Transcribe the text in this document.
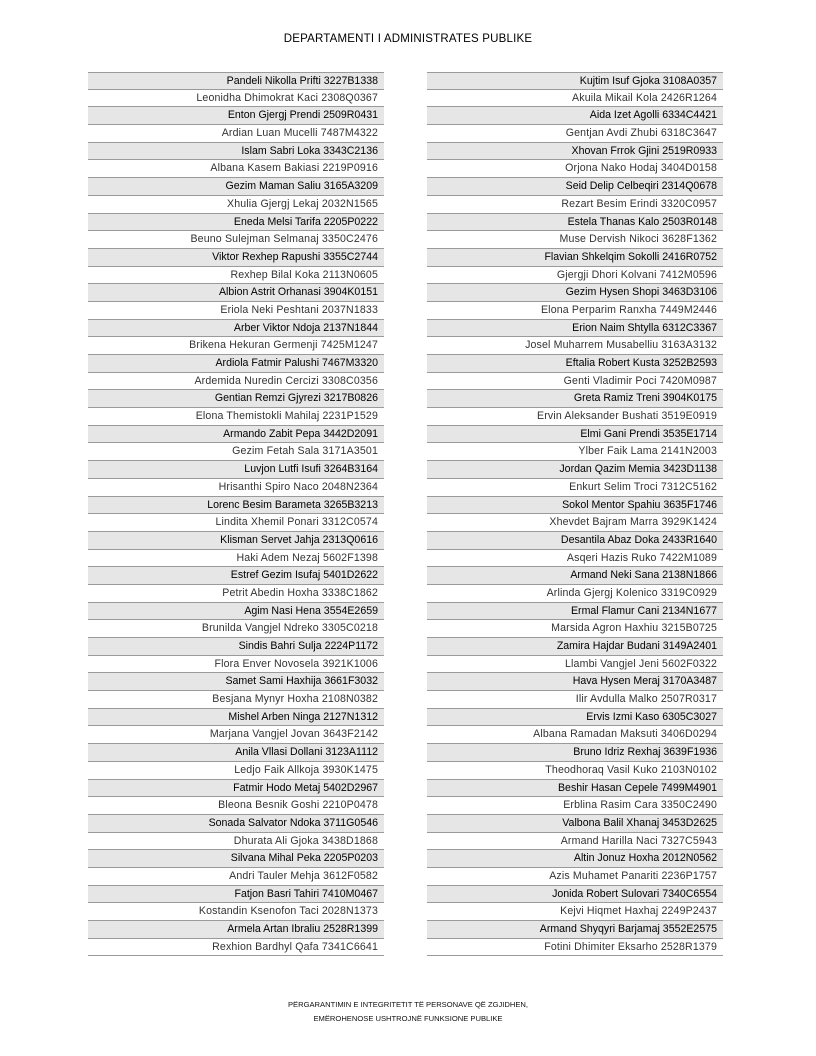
DEPARTAMENTI I ADMINISTRATES PUBLIKE
Pandeli Nikolla Prifti 3227B1338
Leonidha Dhimokrat Kaci 2308Q0367
Enton Gjergj Prendi 2509R0431
Ardian Luan Mucelli 7487M4322
Islam Sabri Loka 3343C2136
Albana Kasem Bakiasi 2219P0916
Gezim Maman Saliu 3165A3209
Xhulia Gjergj Lekaj 2032N1565
Eneda Melsi Tarifa 2205P0222
Beuno Sulejman Selmanaj 3350C2476
Viktor Rexhep Rapushi 3355C2744
Rexhep Bilal Koka 2113N0605
Albion Astrit Orhanasi 3904K0151
Eriola Neki Peshtani 2037N1833
Arber Viktor Ndoja 2137N1844
Brikena Hekuran Germenji 7425M1247
Ardiola Fatmir Palushi 7467M3320
Ardemida Nuredin Cercizi 3308C0356
Gentian Remzi Gjyrezi 3217B0826
Elona Themistokli Mahilaj 2231P1529
Armando Zabit Pepa 3442D2091
Gezim Fetah Sala 3171A3501
Luvjon Lutfi Isufi 3264B3164
Hrisanthi Spiro Naco 2048N2364
Lorenc Besim Barameta 3265B3213
Lindita Xhemil Ponari 3312C0574
Klisman Servet Jahja 2313Q0616
Haki Adem Nezaj 5602F1398
Estref Gezim Isufaj 5401D2622
Petrit Abedin Hoxha 3338C1862
Agim Nasi Hena 3554E2659
Brunilda Vangjel Ndreko 3305C0218
Sindis Bahri Sulja 2224P1172
Flora Enver Novosela 3921K1006
Samet Sami Haxhija 3661F3032
Besjana Mynyr Hoxha 2108N0382
Mishel Arben Ninga 2127N1312
Marjana Vangjel Jovan 3643F2142
Anila Vllasi Dollani 3123A1112
Ledjo Faik Allkoja 3930K1475
Fatmir Hodo Metaj 5402D2967
Bleona Besnik Goshi 2210P0478
Sonada Salvator Ndoka 3711G0546
Dhurata Ali Gjoka 3438D1868
Silvana Mihal Peka 2205P0203
Andri Tauler Mehja 3612F0582
Fatjon Basri Tahiri 7410M0467
Kostandin Ksenofon Taci 2028N1373
Armela Artan Ibraliu 2528R1399
Rexhion Bardhyl Qafa 7341C6641
Kujtim Isuf Gjoka 3108A0357
Akuila Mikail Kola 2426R1264
Aida Izet Agolli 6334C4421
Gentjan Avdi Zhubi 6318C3647
Xhovan Frrok Gjini 2519R0933
Orjona Nako Hodaj 3404D0158
Seid Delip Celbeqiri 2314Q0678
Rezart Besim Erindi 3320C0957
Estela Thanas Kalo 2503R0148
Muse Dervish Nikoci 3628F1362
Flavian Shkelqim Sokolli 2416R0752
Gjergji Dhori Kolvani 7412M0596
Gezim Hysen Shopi 3463D3106
Elona Perparim Ranxha 7449M2446
Erion Naim Shtylla 6312C3367
Josel Muharrem Musabelliu 3163A3132
Eftalia Robert Kusta 3252B2593
Genti Vladimir Poci 7420M0987
Greta Ramiz Treni 3904K0175
Ervin Aleksander Bushati 3519E0919
Elmi Gani Prendi 3535E1714
Ylber Faik Lama 2141N2003
Jordan Qazim Memia 3423D1138
Enkurt Selim Troci 7312C5162
Sokol Mentor Spahiu 3635F1746
Xhevdet Bajram Marra 3929K1424
Desantila Abaz Doka 2433R1640
Asqeri Hazis Ruko 7422M1089
Armand Neki Sana 2138N1866
Arlinda Gjergj Kolenico 3319C0929
Ermal Flamur Cani 2134N1677
Marsida Agron Haxhiu 3215B0725
Zamira Hajdar Budani 3149A2401
Llambi Vangjel Jeni 5602F0322
Hava Hysen Meraj 3170A3487
Ilir Avdulla Malko 2507R0317
Ervis Izmi Kaso 6305C3027
Albana Ramadan Maksuti 3406D0294
Bruno Idriz Rexhaj 3639F1936
Theodhoraq Vasil Kuko 2103N0102
Beshir Hasan Cepele 7499M4901
Erblina Rasim Cara 3350C2490
Valbona Balil Xhanaj 3453D2625
Armand Harilla Naci 7327C5943
Altin Jonuz Hoxha 2012N0562
Azis Muhamet Panariti 2236P1757
Jonida Robert Sulovari 7340C6554
Kejvi Hiqmet Haxhaj 2249P2437
Armand Shyqyri Barjamaj 3552E2575
Fotini Dhimiter Eksarho 2528R1379
PËRGARANTIMIN E INTEGRITETIT TË PERSONAVE QË ZGJIDHEN,
EMËROHENOSE USHTROJNË FUNKSIONE PUBLIKE
